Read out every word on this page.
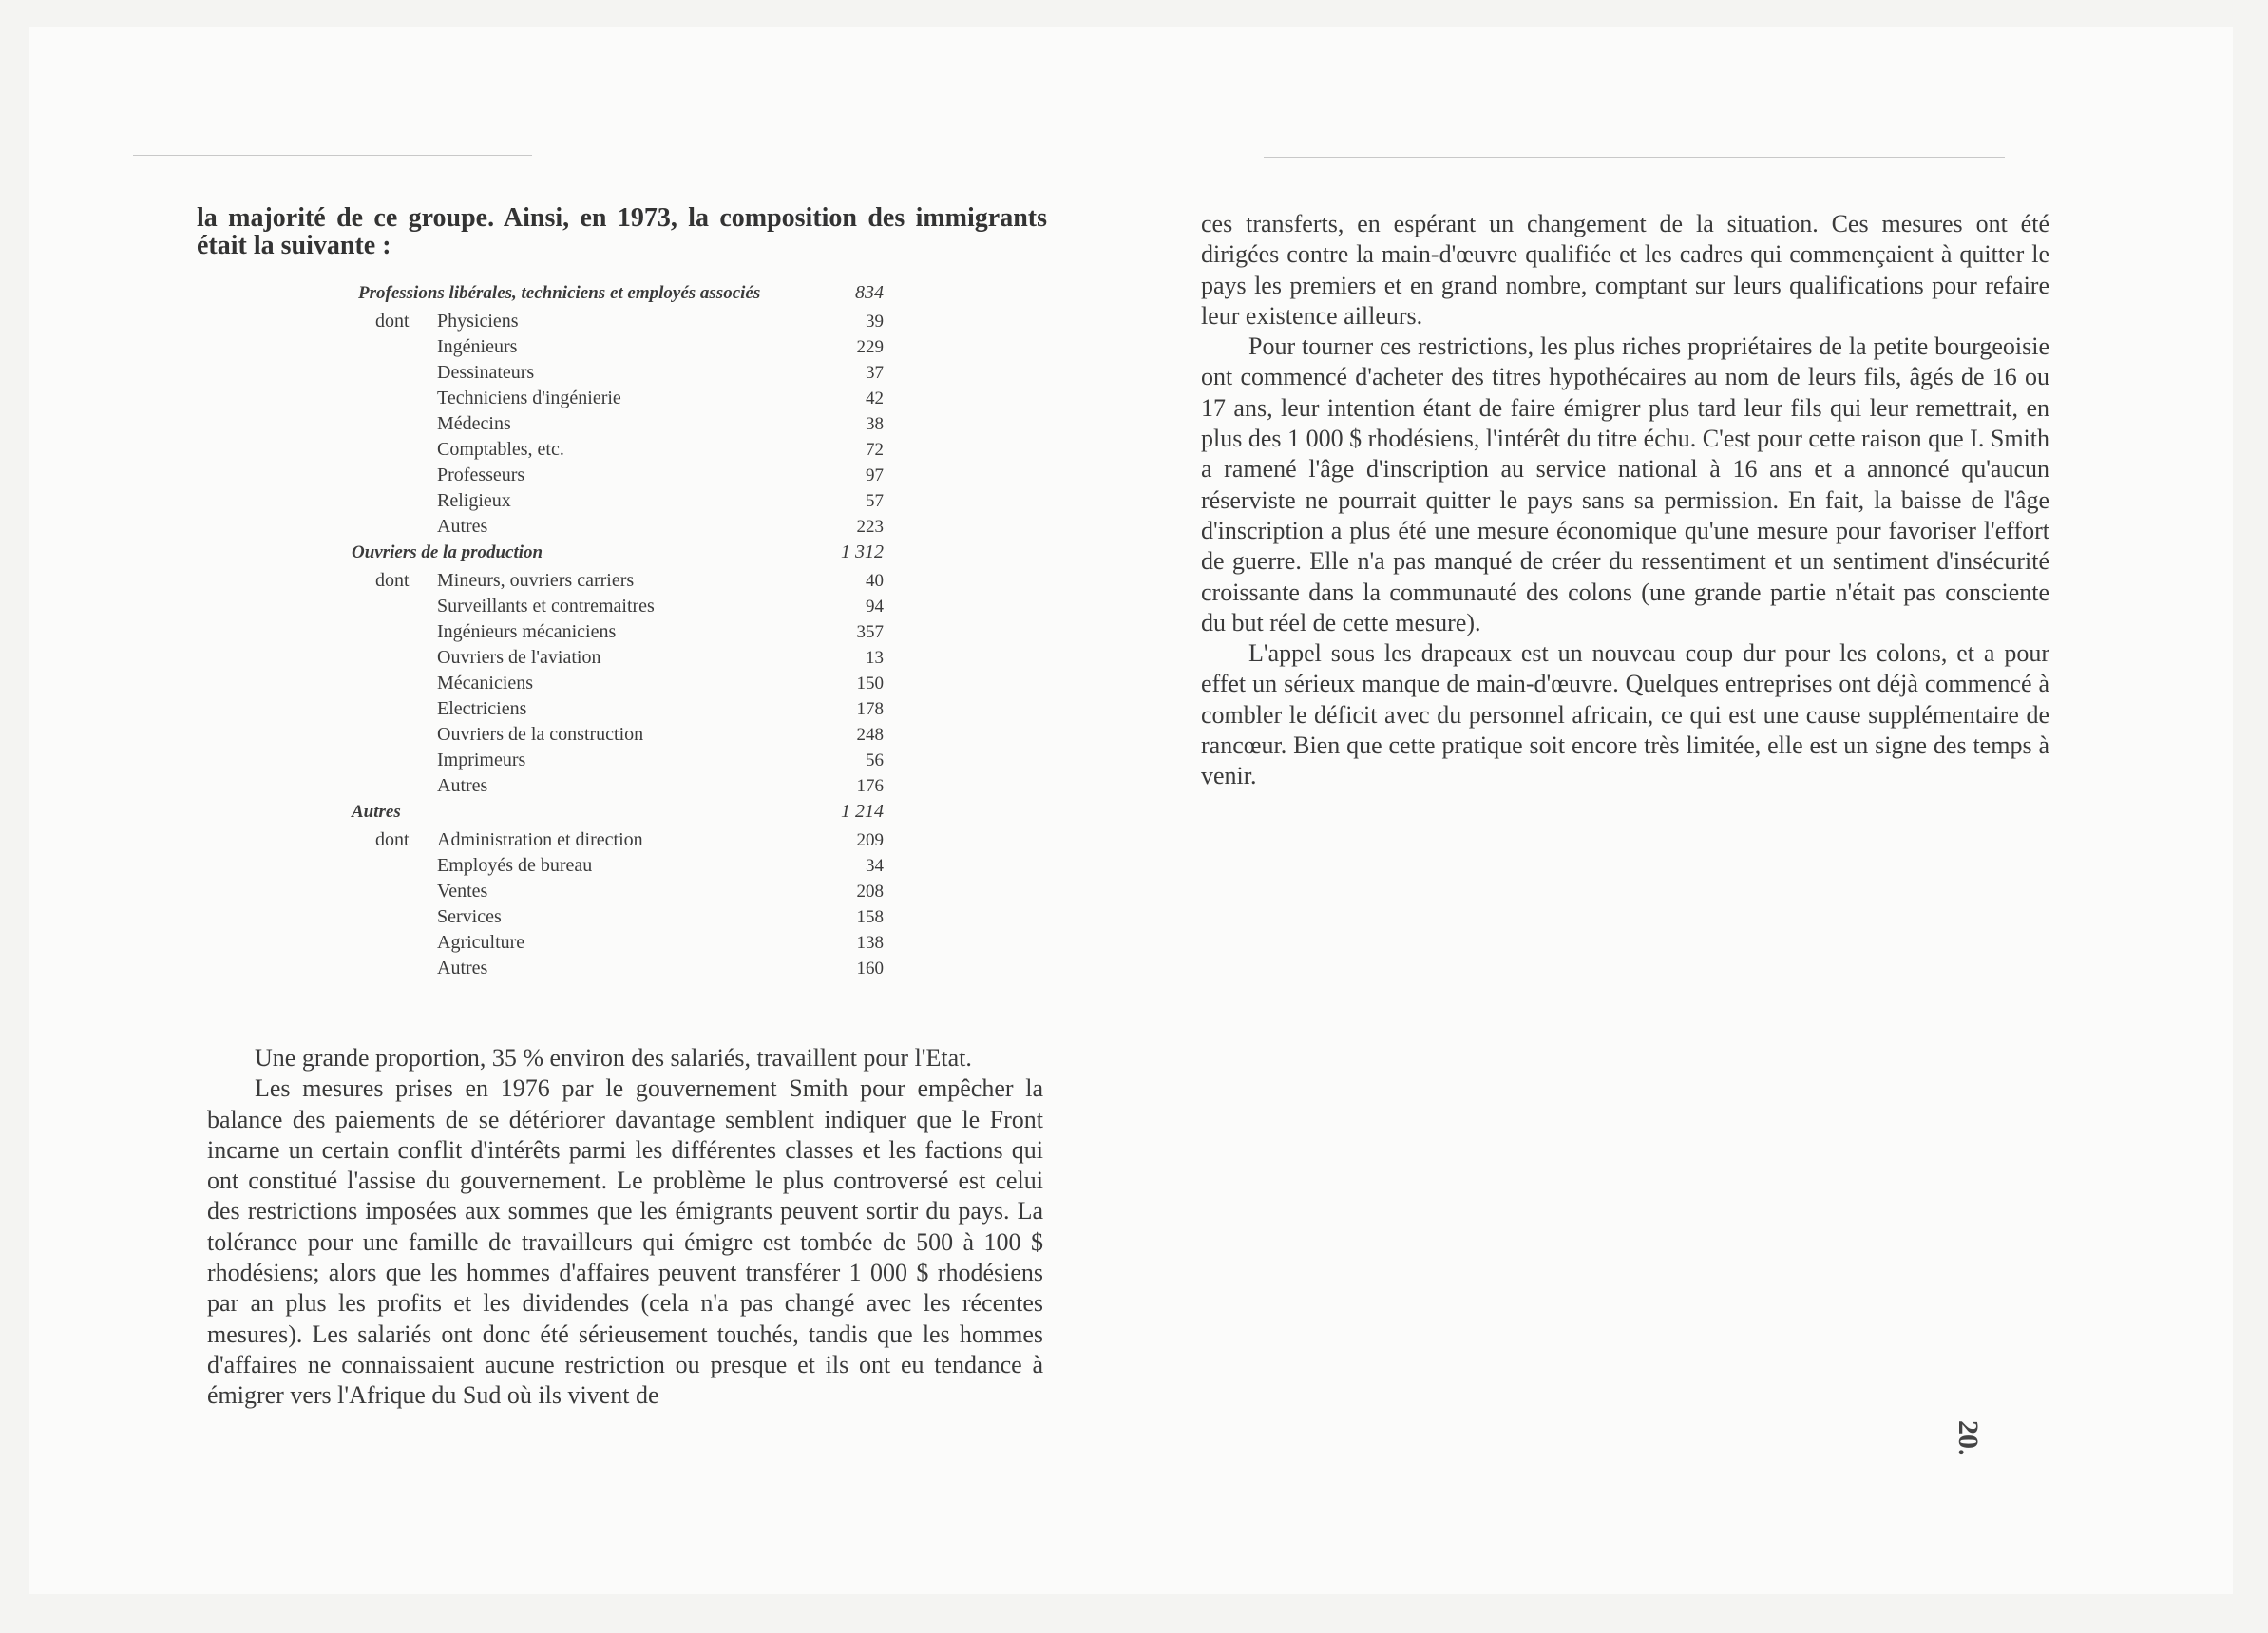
la majorité de ce groupe. Ainsi, en 1973, la composition des immigrants était la suivante :
Professions libérales, techniciens et employés associés	834
dont Physiciens	39
Ingénieurs	229
Dessinateurs	37
Techniciens d'ingénierie	42
Médecins	38
Comptables, etc.	72
Professeurs	97
Religieux	57
Autres	223
Ouvriers de la production	1 312
dont Mineurs, ouvriers carriers	40
Surveillants et contremaitres	94
Ingénieurs mécaniciens	357
Ouvriers de l'aviation	13
Mécaniciens	150
Electriciens	178
Ouvriers de la construction	248
Imprimeurs	56
Autres	176
Autres	1 214
dont Administration et direction	209
Employés de bureau	34
Ventes	208
Services	158
Agriculture	138
Autres	160

Une grande proportion, 35 % environ des salariés, travaillent pour l'Etat.

Les mesures prises en 1976 par le gouvernement Smith pour empêcher la balance des paiements de se détériorer davantage semblent indiquer que le Front incarne un certain conflit d'intérêts parmi les différentes classes et les factions qui ont constitué l'assise du gouvernement. Le problème le plus controversé est celui des restrictions imposées aux sommes que les émigrants peuvent sortir du pays. La tolérance pour une famille de travailleurs qui émigre est tombée de 500 à 100 $ rhodésiens; alors que les hommes d'affaires peuvent transférer 1 000 $ rhodésiens par an plus les profits et les dividendes (cela n'a pas changé avec les récentes mesures). Les salariés ont donc été sérieusement touchés, tandis que les hommes d'affaires ne connaissaient aucune restriction ou presque et ils ont eu tendance à émigrer vers l'Afrique du Sud où ils vivent de

ces transferts, en espérant un changement de la situation. Ces mesures ont été dirigées contre la main-d'œuvre qualifiée et les cadres qui commençaient à quitter le pays les premiers et en grand nombre, comptant sur leurs qualifications pour refaire leur existence ailleurs.

Pour tourner ces restrictions, les plus riches propriétaires de la petite bourgeoisie ont commencé d'acheter des titres hypothécaires au nom de leurs fils, âgés de 16 ou 17 ans, leur intention étant de faire émigrer plus tard leur fils qui leur remettrait, en plus des 1 000 $ rhodésiens, l'intérêt du titre échu. C'est pour cette raison que I. Smith a ramené l'âge d'inscription au service national à 16 ans et a annoncé qu'aucun réserviste ne pourrait quitter le pays sans sa permission. En fait, la baisse de l'âge d'inscription a plus été une mesure économique qu'une mesure pour favoriser l'effort de guerre. Elle n'a pas manqué de créer du ressentiment et un sentiment d'insécurité croissante dans la communauté des colons (une grande partie n'était pas consciente du but réel de cette mesure).

L'appel sous les drapeaux est un nouveau coup dur pour les colons, et a pour effet un sérieux manque de main-d'œuvre. Quelques entreprises ont déjà commencé à combler le déficit avec du personnel africain, ce qui est une cause supplémentaire de rancœur. Bien que cette pratique soit encore très limitée, elle est un signe des temps à venir.

20.
